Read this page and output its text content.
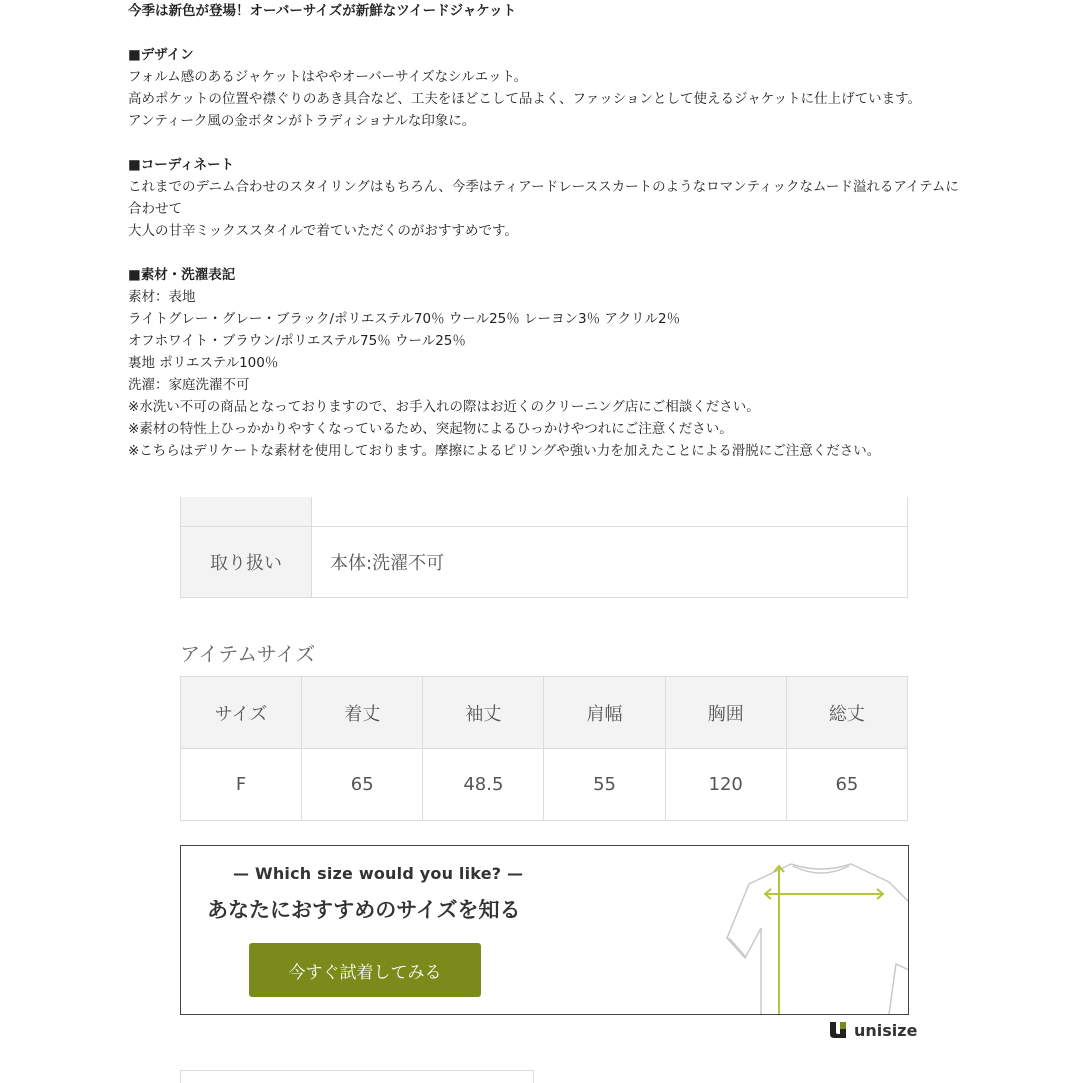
今季は新色が登場！オーバーサイズが新鮮なツイードジャケット
■デザイン
フォルム感のあるジャケットはややオーバーサイズなシルエット。
高めポケットの位置や襟ぐりのあき具合など、工夫をほどこして品よく、ファッションとして使えるジャケットに仕上げています。
アンティーク風の金ボタンがトラディショナルな印象に。
■コーディネート
これまでのデニム合わせのスタイリングはもちろん、今季はティアードレーススカートのようなロマンティックなムード溢れるアイテムに合わせて
大人の甘辛ミックススタイルで着ていただくのがおすすめです。
■素材・洗濯表記
素材：表地
ライトグレー・グレー・ブラック/ポリエステル70％ ウール25％ レーヨン3％ アクリル2％
オフホワイト・ブラウン/ポリエステル75％ ウール25％
裏地 ポリエステル100％
洗濯：家庭洗濯不可
※水洗い不可の商品となっておりますので、お手入れの際はお近くのクリーニング店にご相談ください。
※素材の特性上ひっかかりやすくなっているため、突起物によるひっかけやつれにご注意ください。
※こちらはデリケートな素材を使用しております。摩擦によるピリングや強い力を加えたことによる滑脱にご注意ください。

取り扱い	本体:洗濯不可
アイテムサイズ
サイズ	着丈	袖丈	肩幅	胸囲	総丈
F	65	48.5	55	120	65
— Which size would you like? —
あなたにおすすめのサイズを知る
今すぐ試着してみる
unisize
